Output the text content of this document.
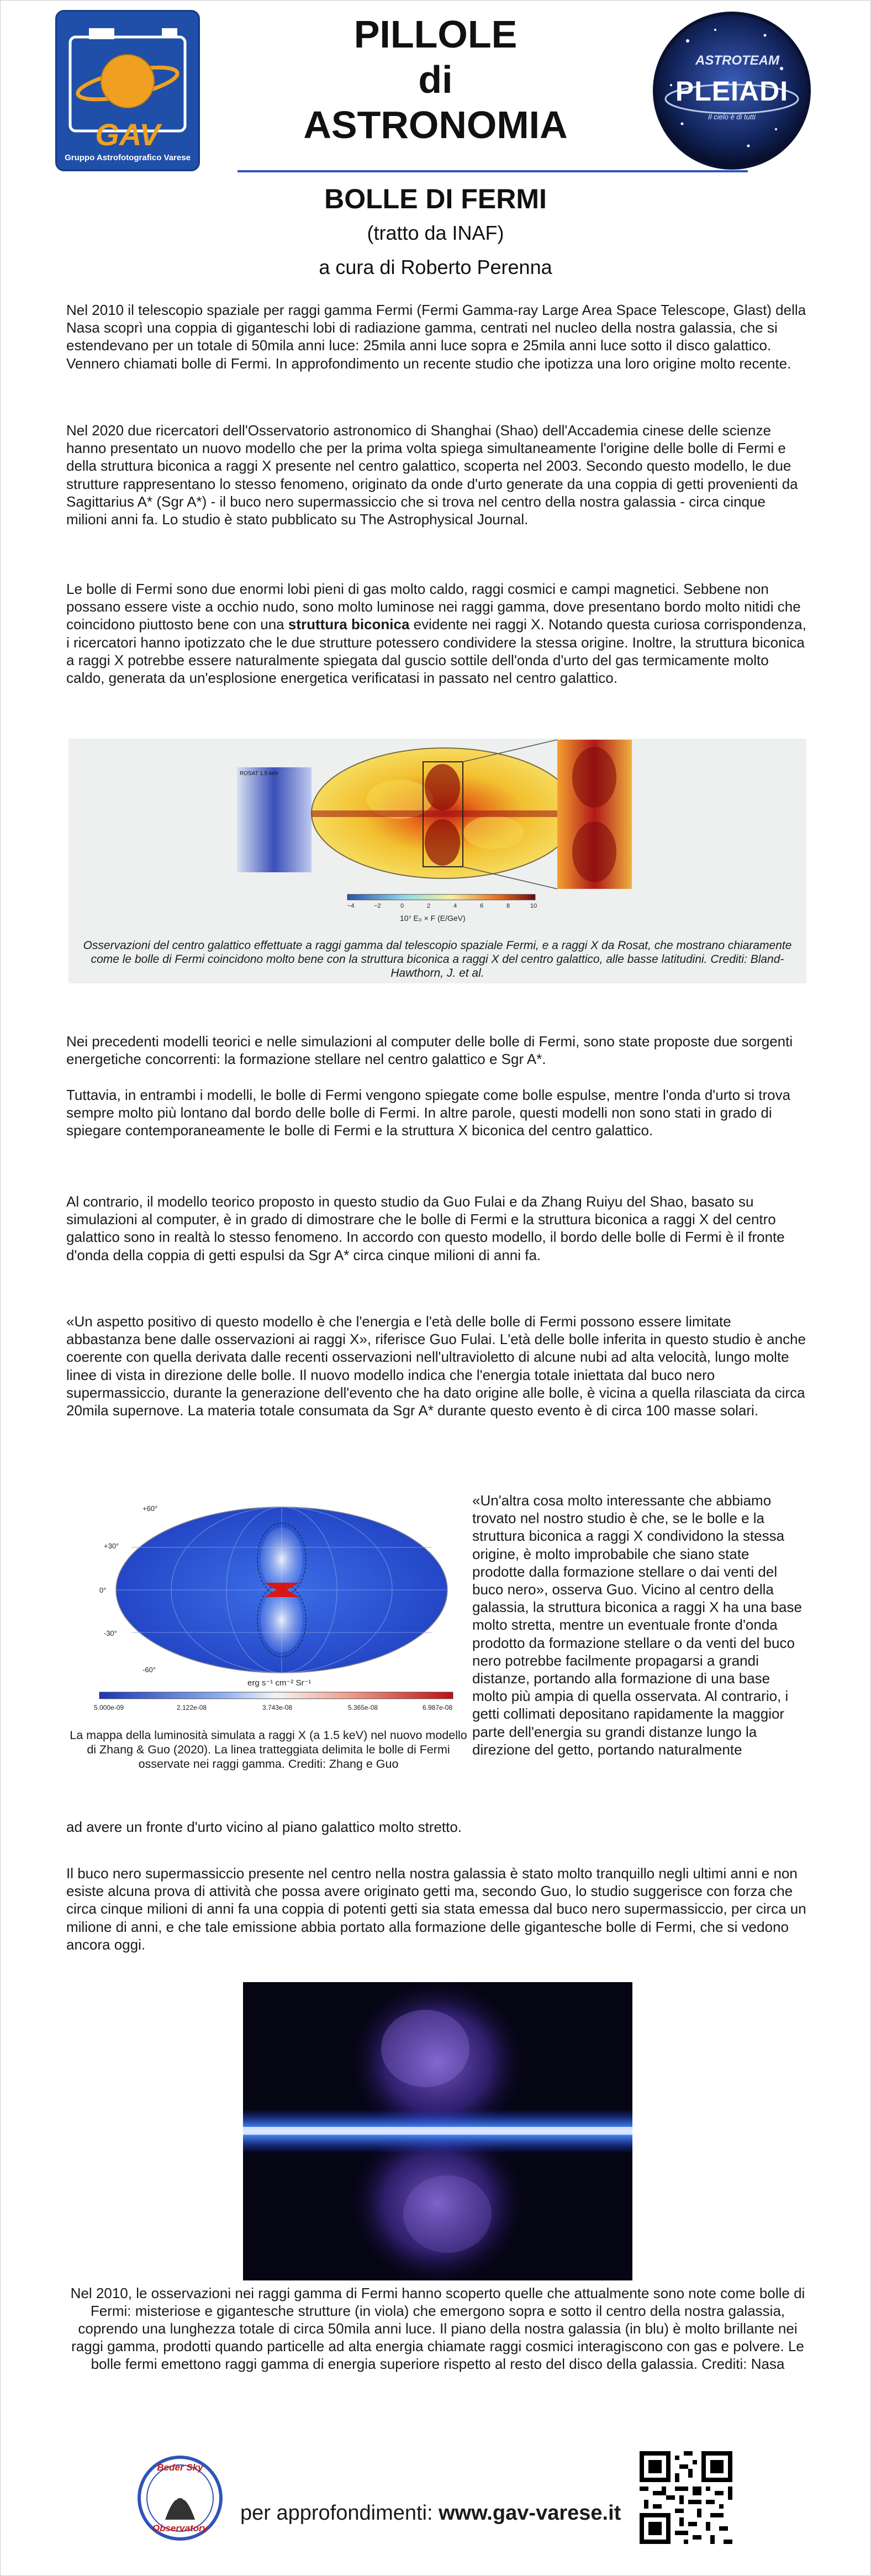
GAV
Gruppo Astrofotografico Varese
PILLOLE
di
ASTRONOMIA
ASTROTEAM
PLEIADI
Il cielo è di tutti
BOLLE DI FERMI
(tratto da INAF)
a cura di Roberto Perenna

Nel 2010 il telescopio spaziale per raggi gamma Fermi (Fermi Gamma-ray Large Area Space Telescope, Glast) della Nasa scoprì una coppia di giganteschi lobi di radiazione gamma, centrati nel nucleo della nostra galassia, che si estendevano per un totale di 50mila anni luce: 25mila anni luce sopra e 25mila anni luce sotto il disco galattico. Vennero chiamati bolle di Fermi. In approfondimento un recente studio che ipotizza una loro origine molto recente.

Nel 2020 due ricercatori dell'Osservatorio astronomico di Shanghai (Shao) dell'Accademia cinese delle scienze hanno presentato un nuovo modello che per la prima volta spiega simultaneamente l'origine delle bolle di Fermi e della struttura biconica a raggi X presente nel centro galattico, scoperta nel 2003. Secondo questo modello, le due strutture rappresentano lo stesso fenomeno, originato da onde d'urto generate da una coppia di getti provenienti da Sagittarius A* (Sgr A*) - il buco nero supermassiccio che si trova nel centro della nostra galassia - circa cinque milioni anni fa. Lo studio è stato pubblicato su The Astrophysical Journal.

Le bolle di Fermi sono due enormi lobi pieni di gas molto caldo, raggi cosmici e campi magnetici. Sebbene non possano essere viste a occhio nudo, sono molto luminose nei raggi gamma, dove presentano bordo molto nitidi che coincidono piuttosto bene con una struttura biconica evidente nei raggi X. Notando questa curiosa corrispondenza, i ricercatori hanno ipotizzato che le due strutture potessero condividere la stessa origine. Inoltre, la struttura biconica a raggi X potrebbe essere naturalmente spiegata dal guscio sottile dell'onda d'urto del gas termicamente molto caldo, generata da un'esplosione energetica verificatasi in passato nel centro galattico.

ROSAT 1.5 keV
−4	−2	0	2	4	6	8	10
10⁷ E₀ × F (E/GeV)
Osservazioni del centro galattico effettuate a raggi gamma dal telescopio spaziale Fermi, e a raggi X da Rosat, che mostrano chiaramente come le bolle di Fermi coincidono molto bene con la struttura biconica a raggi X del centro galattico, alle basse latitudini. Crediti: Bland-Hawthorn, J. et al.

Nei precedenti modelli teorici e nelle simulazioni al computer delle bolle di Fermi, sono state proposte due sorgenti energetiche concorrenti: la formazione stellare nel centro galattico e Sgr A*.

Tuttavia, in entrambi i modelli, le bolle di Fermi vengono spiegate come bolle espulse, mentre l'onda d'urto si trova sempre molto più lontano dal bordo delle bolle di Fermi. In altre parole, questi modelli non sono stati in grado di spiegare contemporaneamente le bolle di Fermi e la struttura X biconica del centro galattico.

Al contrario, il modello teorico proposto in questo studio da Guo Fulai e da Zhang Ruiyu del Shao, basato su simulazioni al computer, è in grado di dimostrare che le bolle di Fermi e la struttura biconica a raggi X del centro galattico sono in realtà lo stesso fenomeno. In accordo con questo modello, il bordo delle bolle di Fermi è il fronte d'onda della coppia di getti espulsi da Sgr A* circa cinque milioni di anni fa.

«Un aspetto positivo di questo modello è che l'energia e l'età delle bolle di Fermi possono essere limitate abbastanza bene dalle osservazioni ai raggi X», riferisce Guo Fulai. L'età delle bolle inferita in questo studio è anche coerente con quella derivata dalle recenti osservazioni nell'ultravioletto di alcune nubi ad alta velocità, lungo molte linee di vista in direzione delle bolle. Il nuovo modello indica che l'energia totale iniettata dal buco nero supermassiccio, durante la generazione dell'evento che ha dato origine alle bolle, è vicina a quella rilasciata da circa 20mila supernove. La materia totale consumata da Sgr A* durante questo evento è di circa 100 masse solari.

+60°
+30°
0°
-30°
-60°
erg s⁻¹ cm⁻² Sr⁻¹
5.000e-09	2.122e-08	3.743e-08	5.365e-08	6.987e-08
La mappa della luminosità simulata a raggi X (a 1.5 keV) nel nuovo modello di Zhang & Guo (2020). La linea tratteggiata delimita le bolle di Fermi osservate nei raggi gamma. Crediti: Zhang e Guo
«Un'altra cosa molto interessante che abbiamo trovato nel nostro studio è che, se le bolle e la struttura biconica a raggi X condividono la stessa origine, è molto improbabile che siano state prodotte dalla formazione stellare o dai venti del buco nero», osserva Guo. Vicino al centro della galassia, la struttura biconica a raggi X ha una base molto stretta, mentre un eventuale fronte d'onda prodotto da formazione stellare o da venti del buco nero potrebbe facilmente propagarsi a grandi distanze, portando alla formazione di una base molto più ampia di quella osservata. Al contrario, i getti collimati depositano rapidamente la maggior parte dell'energia su grandi distanze lungo la direzione del getto, portando naturalmente

ad avere un fronte d'urto vicino al piano galattico molto stretto.

Il buco nero supermassiccio presente nel centro nella nostra galassia è stato molto tranquillo negli ultimi anni e non esiste alcuna prova di attività che possa avere originato getti ma, secondo Guo, lo studio suggerisce con forza che circa cinque milioni di anni fa una coppia di potenti getti sia stata emessa dal buco nero supermassiccio, per circa un milione di anni, e che tale emissione abbia portato alla formazione delle gigantesche bolle di Fermi, che si vedono ancora oggi.

Nel 2010, le osservazioni nei raggi gamma di Fermi hanno scoperto quelle che attualmente sono note come bolle di Fermi: misteriose e gigantesche strutture (in viola) che emergono sopra e sotto il centro della nostra galassia, coprendo una lunghezza totale di circa 50mila anni luce. Il piano della nostra galassia (in blu) è molto brillante nei raggi gamma, prodotti quando particelle ad alta energia chiamate raggi cosmici interagiscono con gas e polvere. Le bolle fermi emettono raggi gamma di energia superiore rispetto al resto del disco della galassia. Crediti: Nasa
Beder Sky
Observatory
per approfondimenti: www.gav-varese.it
